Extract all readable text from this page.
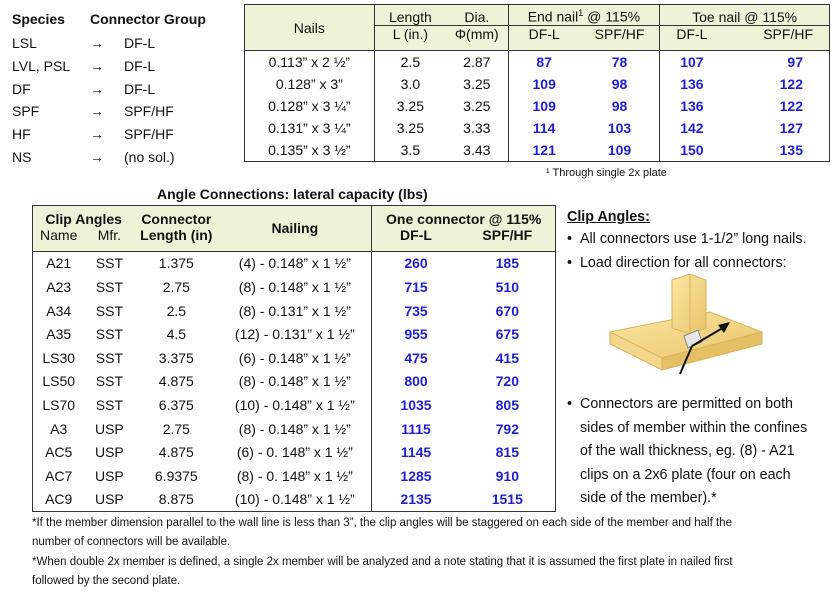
Species Connector Group
LSL	→ DF-L
LVL, PSL → DF-L
DF	→ DF-L
SPF	→ SPF/HF
HF	→ SPF/HF
NS	→ (no sol.)
Nails	Length	Dia.	End nail$^1$ @ 115%		Toe nail @ 115%	
	L (in.)	Φ(mm)	DF-L	SPF/HF	DF-L	SPF/HF
0.113” x 2 ½”	2.5	2.87	87	78	107	97
0.128” x 3”	3.0	3.25	109	98	136	122
0.128” x 3 ¼”	3.25	3.25	109	98	136	122
0.131” x 3 ¼”	3.25	3.33	114	103	142	127
0.135” x 3 ½”	3.5	3.43	121	109	150	135
¹ Through single 2x plate
Angle Connections: lateral capacity (lbs)
Clip Angles		Connector	Nailing	One connector @ 115%	
Name	Mfr.	Length (in)		DF-L	SPF/HF
A21	SST	1.375	(4) - 0.148” x 1 ½”	260	185
A23	SST	2.75	(8) - 0.148” x 1 ½”	715	510
A34	SST	2.5	(8) - 0.131” x 1 ½”	735	670
A35	SST	4.5	(12) - 0.131” x 1 ½”	955	675
LS30	SST	3.375	(6) - 0.148” x 1 ½”	475	415
LS50	SST	4.875	(8) - 0.148” x 1 ½”	800	720
LS70	SST	6.375	(10) - 0.148” x 1 ½”	1035	805
A3	USP	2.75	(8) - 0.148” x 1 ½”	1115	792
AC5	USP	4.875	(6) - 0. 148” x 1 ½”	1145	815
AC7	USP	6.9375	(8) - 0. 148” x 1 ½”	1285	910
AC9	USP	8.875	(10) - 0.148” x 1 ½”	2135	1515
Clip Angles:
• All connectors use 1-1/2” long nails.
• Load direction for all connectors:
• Connectors are permitted on both
sides of member within the confines
of the wall thickness, eg. (8) - A21
clips on a 2x6 plate (four on each
side of the member).*
*If the member dimension parallel to the wall line is less than 3”, the clip angles will be staggered on each side of the member and half the
number of connectors will be available.
*When double 2x member is defined, a single 2x member will be analyzed and a note stating that it is assumed the first plate in nailed first
followed by the second plate.
